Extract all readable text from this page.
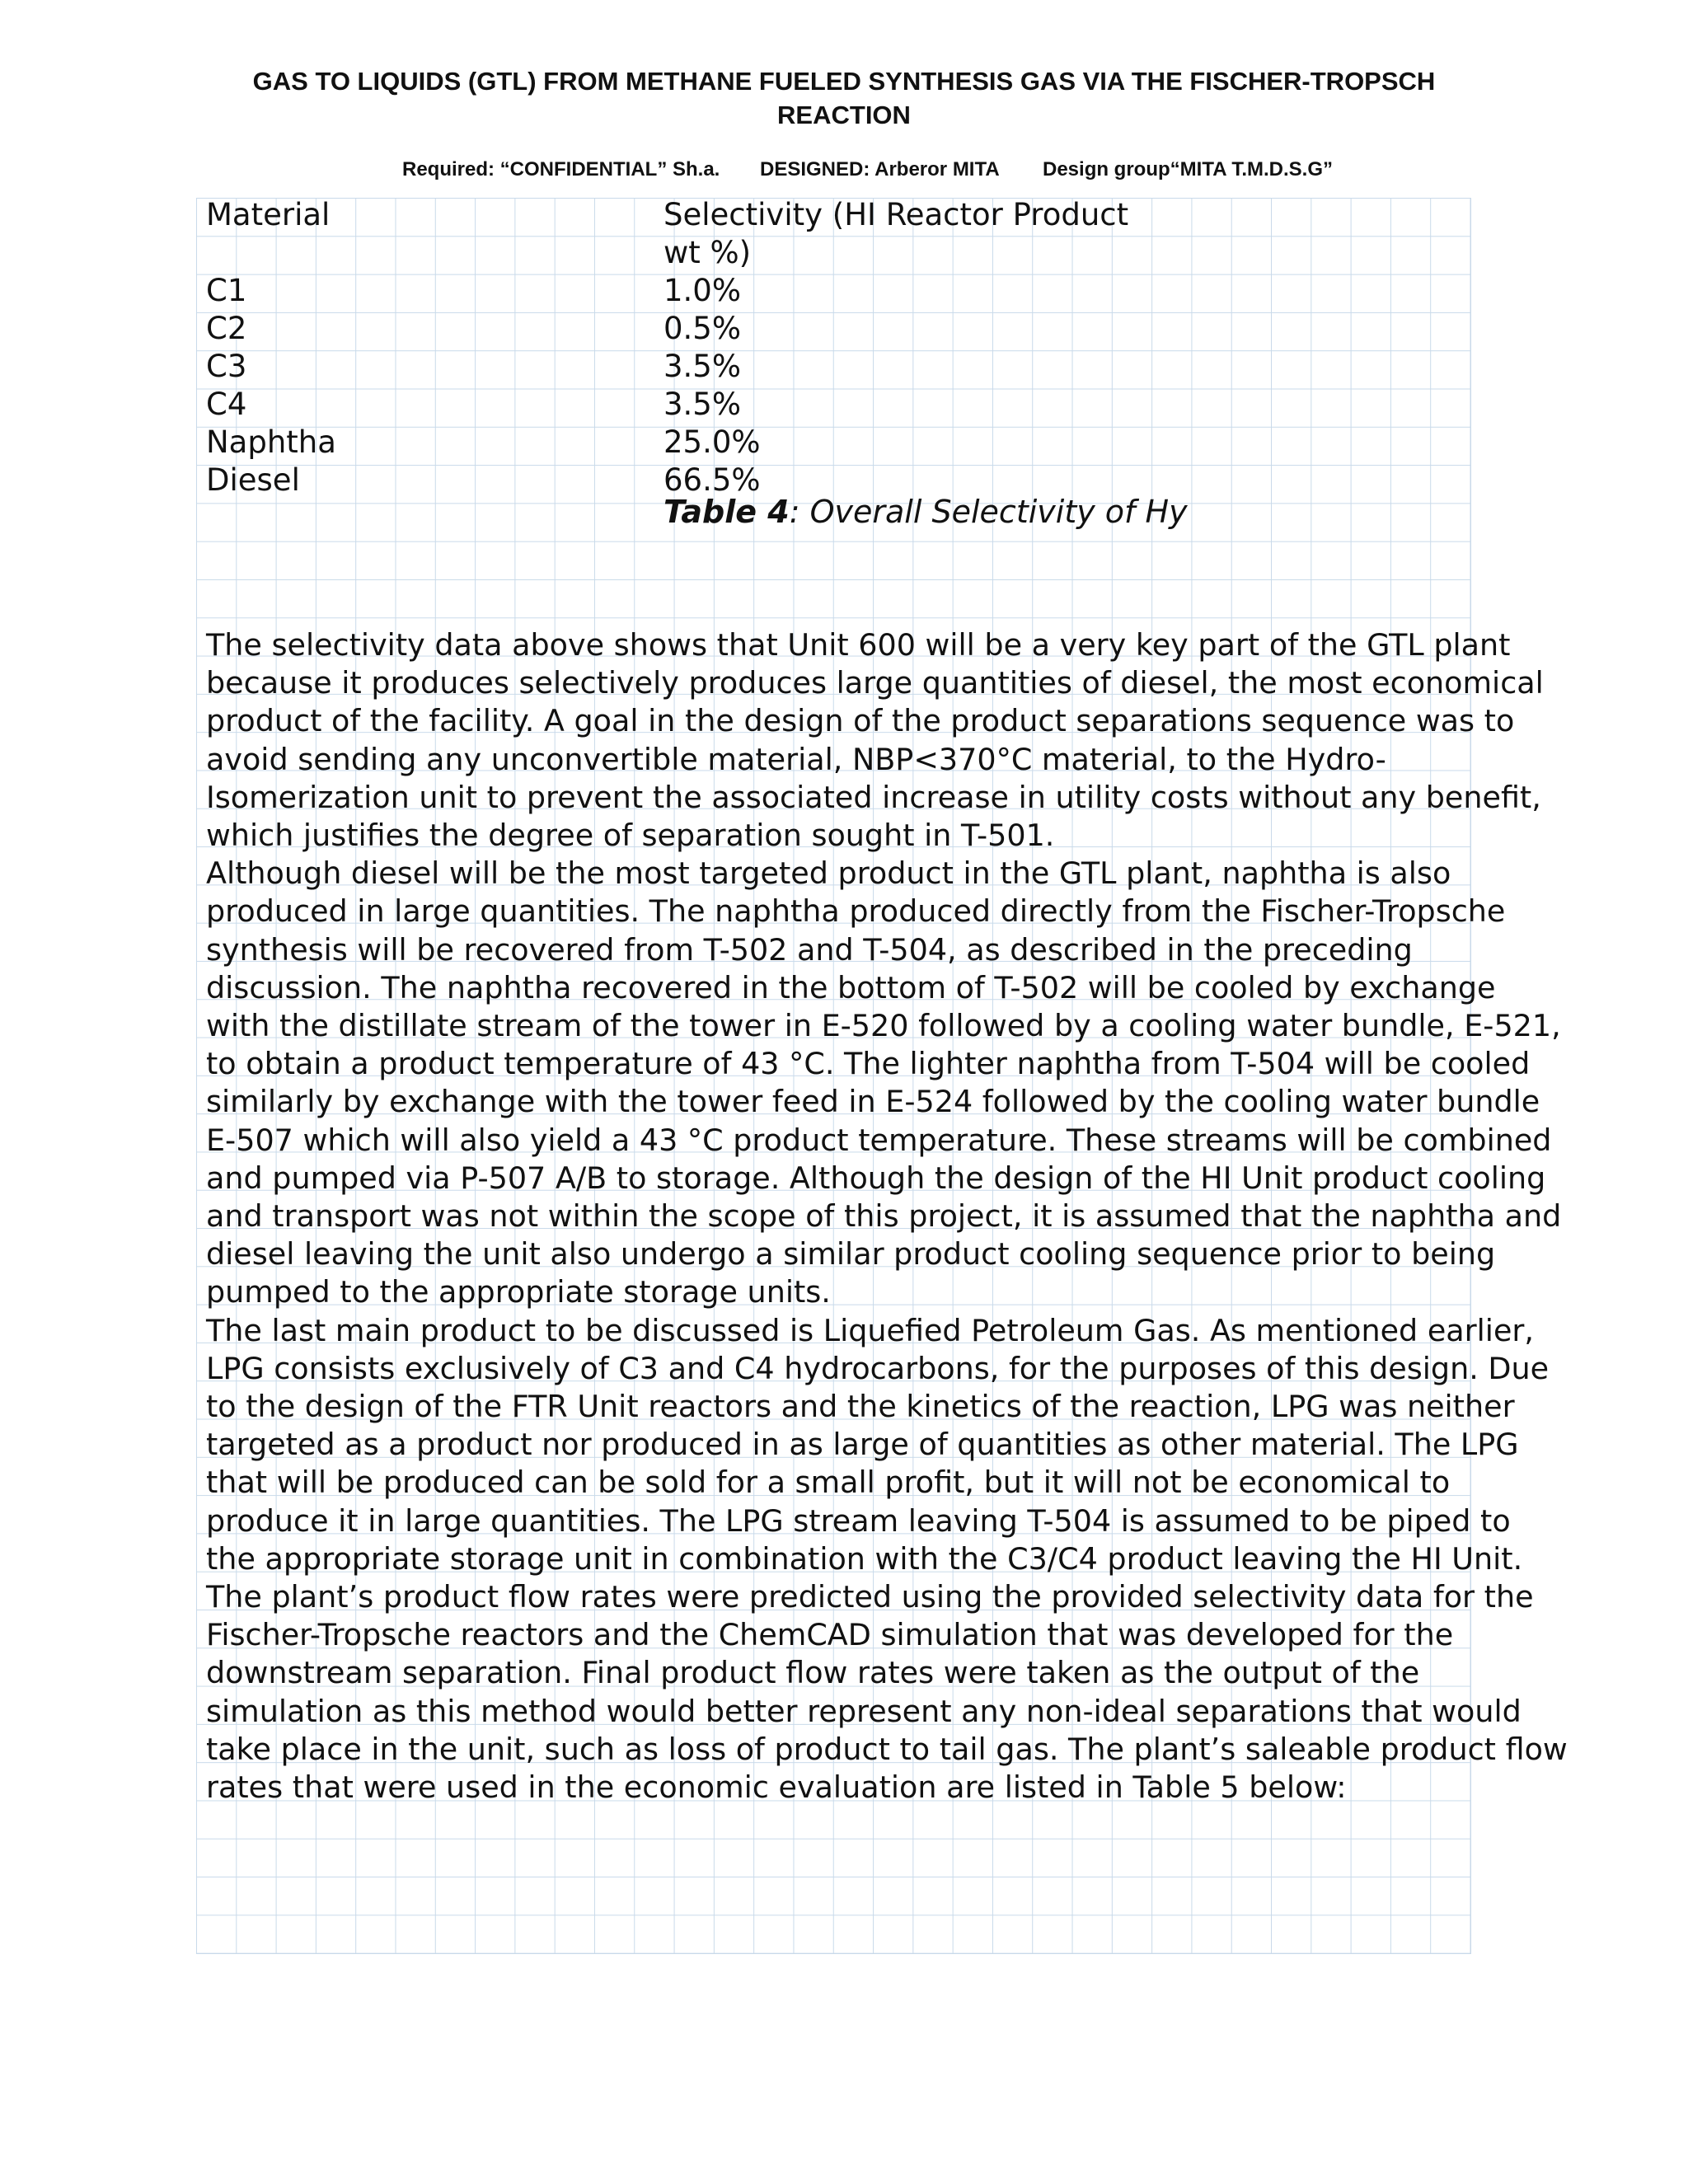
GAS TO LIQUIDS (GTL) FROM METHANE FUELED SYNTHESIS GAS VIA THE FISCHER-TROPSCH
REACTION
Required: “CONFIDENTIAL” Sh.a. DESIGNED: Arberor MITA Design group“MITA T.M.D.S.G”
Material	Selectivity (HI Reactor Product
wt %)
C1	1.0%
C2	0.5%
C3	3.5%
C4	3.5%
Naphtha	25.0%
Diesel	66.5%
Table 4: Overall Selectivity of Hy
The selectivity data above shows that Unit 600 will be a very key part of the GTL plant
because it produces selectively produces large quantities of diesel, the most economical
product of the facility. A goal in the design of the product separations sequence was to
avoid sending any unconvertible material, NBP<370°C material, to the Hydro-
Isomerization unit to prevent the associated increase in utility costs without any benefit,
which justifies the degree of separation sought in T-501.
Although diesel will be the most targeted product in the GTL plant, naphtha is also
produced in large quantities. The naphtha produced directly from the Fischer-Tropsche
synthesis will be recovered from T-502 and T-504, as described in the preceding
discussion. The naphtha recovered in the bottom of T-502 will be cooled by exchange
with the distillate stream of the tower in E-520 followed by a cooling water bundle, E-521,
to obtain a product temperature of 43 °C. The lighter naphtha from T-504 will be cooled
similarly by exchange with the tower feed in E-524 followed by the cooling water bundle
E-507 which will also yield a 43 °C product temperature. These streams will be combined
and pumped via P-507 A/B to storage. Although the design of the HI Unit product cooling
and transport was not within the scope of this project, it is assumed that the naphtha and
diesel leaving the unit also undergo a similar product cooling sequence prior to being
pumped to the appropriate storage units.
The last main product to be discussed is Liquefied Petroleum Gas. As mentioned earlier,
LPG consists exclusively of C3 and C4 hydrocarbons, for the purposes of this design. Due
to the design of the FTR Unit reactors and the kinetics of the reaction, LPG was neither
targeted as a product nor produced in as large of quantities as other material. The LPG
that will be produced can be sold for a small profit, but it will not be economical to
produce it in large quantities. The LPG stream leaving T-504 is assumed to be piped to
the appropriate storage unit in combination with the C3/C4 product leaving the HI Unit.
The plant’s product flow rates were predicted using the provided selectivity data for the
Fischer-Tropsche reactors and the ChemCAD simulation that was developed for the
downstream separation. Final product flow rates were taken as the output of the
simulation as this method would better represent any non-ideal separations that would
take place in the unit, such as loss of product to tail gas. The plant’s saleable product flow
rates that were used in the economic evaluation are listed in Table 5 below:
